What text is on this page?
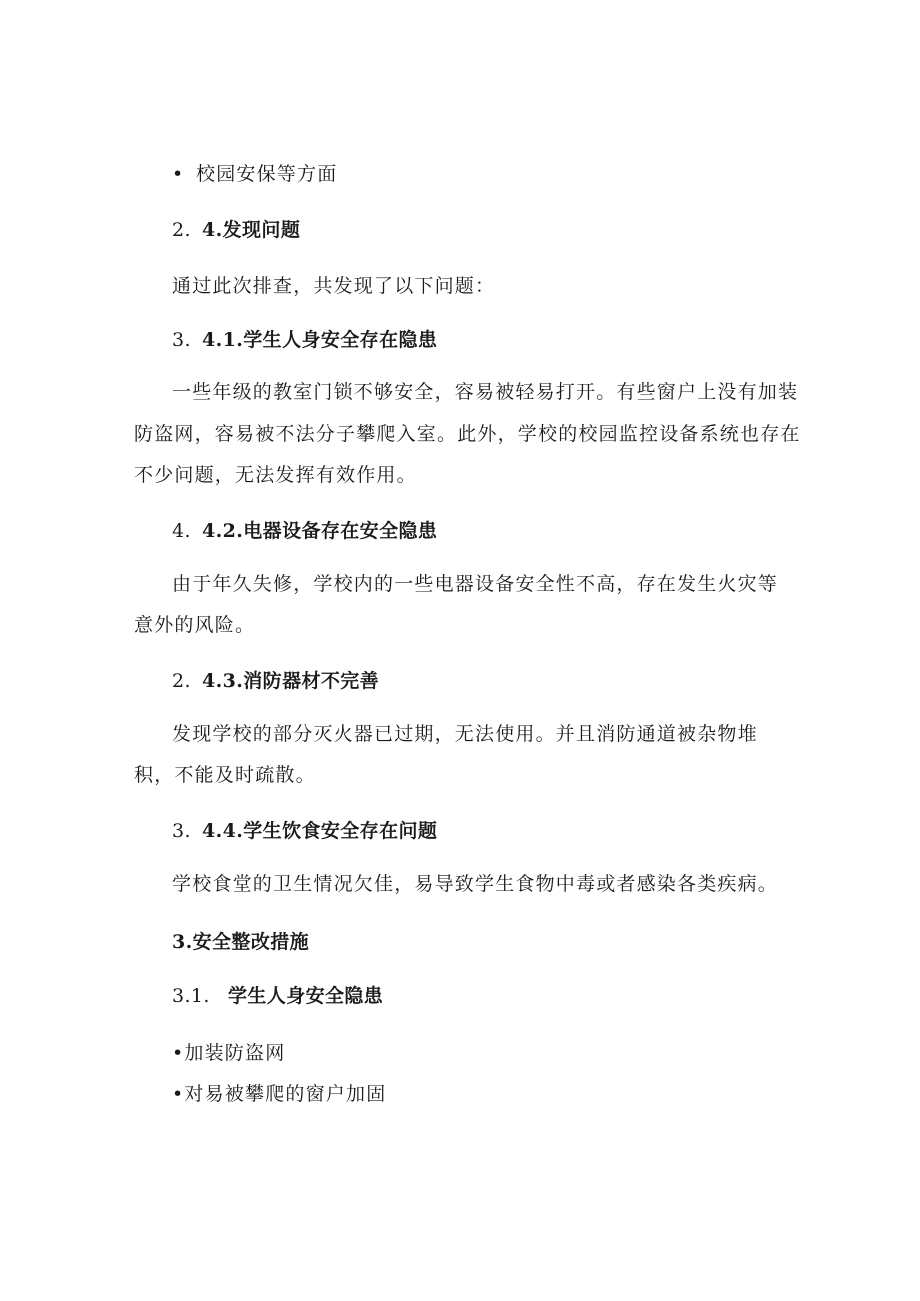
• 校园安保等方面
2. 4.发现问题
通过此次排查，共发现了以下问题：
3. 4.1.学生人身安全存在隐患
一些年级的教室门锁不够安全，容易被轻易打开。有些窗户上没有加装
防盗网，容易被不法分子攀爬入室。此外，学校的校园监控设备系统也存在
不少问题，无法发挥有效作用。
4. 4.2.电器设备存在安全隐患
由于年久失修，学校内的一些电器设备安全性不高，存在发生火灾等
意外的风险。
2. 4.3.消防器材不完善
发现学校的部分灭火器已过期，无法使用。并且消防通道被杂物堆
积，不能及时疏散。
3. 4.4.学生饮食安全存在问题
学校食堂的卫生情况欠佳，易导致学生食物中毒或者感染各类疾病。
3.安全整改措施
3.1. 学生人身安全隐患
•加装防盗网
•对易被攀爬的窗户加固
